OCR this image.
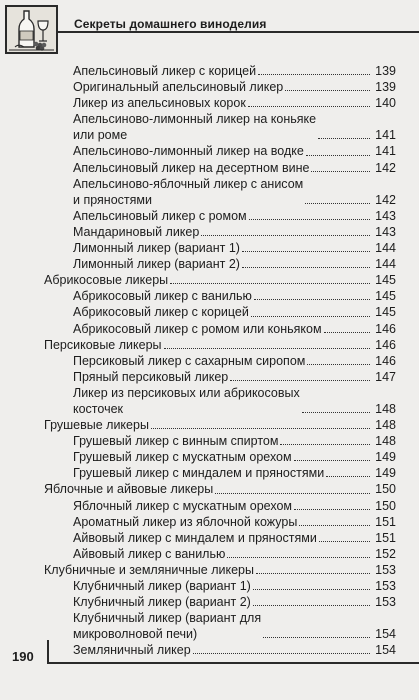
Секреты домашнего виноделия
Апельсиновый ликер с корицей	139
Оригинальный апельсиновый ликер	139
Ликер из апельсиновых корок	140
Апельсиново-лимонный ликер на коньяке
или роме	141
Апельсиново-лимонный ликер на водке	141
Апельсиновый ликер на десертном вине	142
Апельсиново-яблочный ликер с анисом
и пряностями	142
Апельсиновый ликер с ромом	143
Мандариновый ликер	143
Лимонный ликер (вариант 1)	144
Лимонный ликер (вариант 2)	144
Абрикосовые ликеры	145
Абрикосовый ликер с ванилью	145
Абрикосовый ликер с корицей	145
Абрикосовый ликер с ромом или коньяком	146
Персиковые ликеры	146
Персиковый ликер с сахарным сиропом	146
Пряный персиковый ликер	147
Ликер из персиковых или абрикосовых
косточек	148
Грушевые ликеры	148
Грушевый ликер с винным спиртом	148
Грушевый ликер с мускатным орехом	149
Грушевый ликер с миндалем и пряностями	149
Яблочные и айвовые ликеры	150
Яблочный ликер с мускатным орехом	150
Ароматный ликер из яблочной кожуры	151
Айвовый ликер с миндалем и пряностями	151
Айвовый ликер с ванилью	152
Клубничные и земляничные ликеры	153
Клубничный ликер (вариант 1)	153
Клубничный ликер (вариант 2)	153
Клубничный ликер (вариант для
микроволновой печи)	154
Земляничный ликер	154
190
